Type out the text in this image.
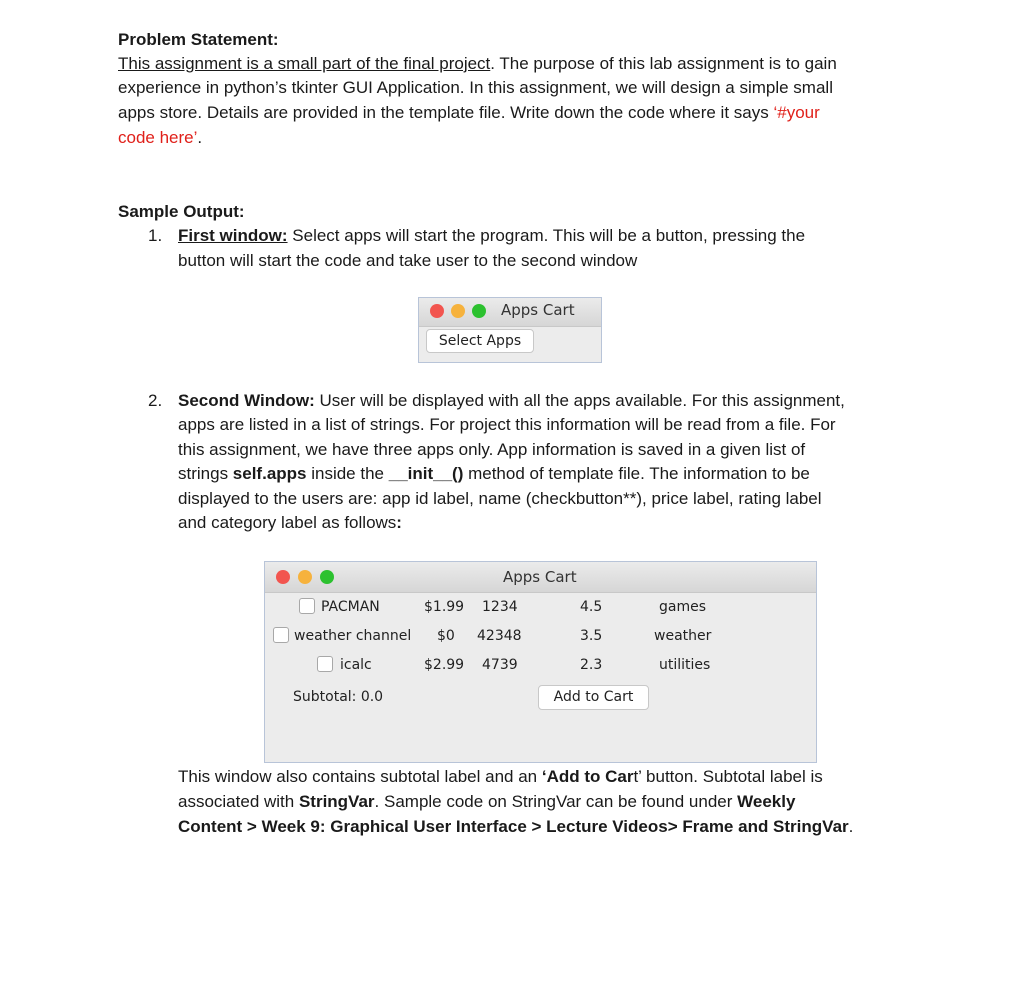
Problem Statement:
This assignment is a small part of the final project. The purpose of this lab assignment is to gain
experience in python’s tkinter GUI Application. In this assignment, we will design a simple small
apps store. Details are provided in the template file. Write down the code where it says ‘#your
code here’.
Sample Output:
1. First window: Select apps will start the program. This will be a button, pressing the
button will start the code and take user to the second window
Apps Cart
Select Apps
2. Second Window: User will be displayed with all the apps available. For this assignment,
apps are listed in a list of strings. For project this information will be read from a file. For
this assignment, we have three apps only. App information is saved in a given list of
strings self.apps inside the __init__() method of template file. The information to be
displayed to the users are: app id label, name (checkbutton**), price label, rating label
and category label as follows:
Apps Cart
PACMAN	$1.99 1234	4.5	games
weather channel $0 42348	3.5	weather
icalc	$2.99 4739	2.3	utilities
Subtotal: 0.0	Add to Cart
This window also contains subtotal label and an ‘Add to Cart’ button. Subtotal label is
associated with StringVar. Sample code on StringVar can be found under Weekly
Content > Week 9: Graphical User Interface > Lecture Videos> Frame and StringVar.
